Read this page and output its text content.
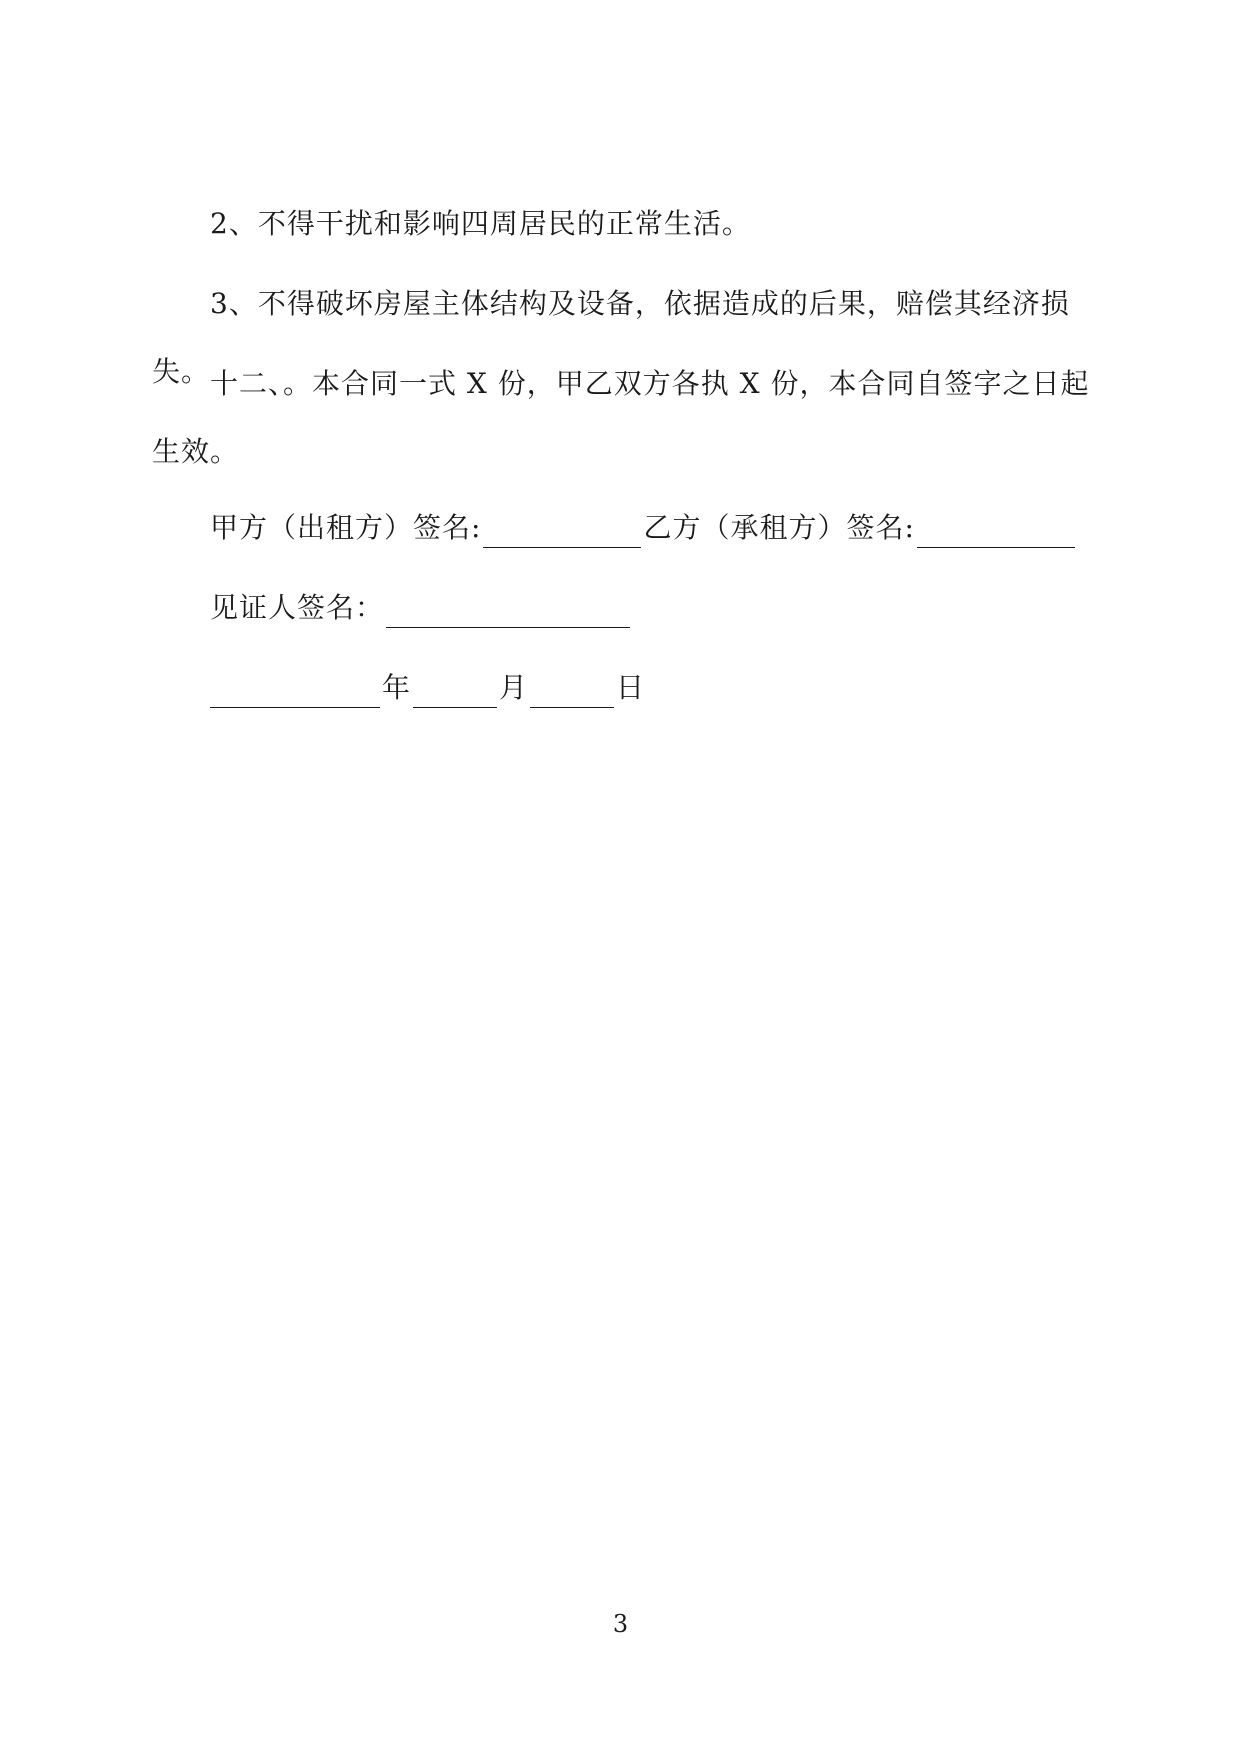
2、不得干扰和影响四周居民的正常生活。
3、不得破坏房屋主体结构及设备，依据造成的后果，赔偿其经济损失。 十二、。本合同一式 X 份，甲乙双方各执 X 份，本合同自签字之日起生效。
甲方（出租方）签名:	乙方（承租方）签名:
见证人签名：
年	月	日
3
